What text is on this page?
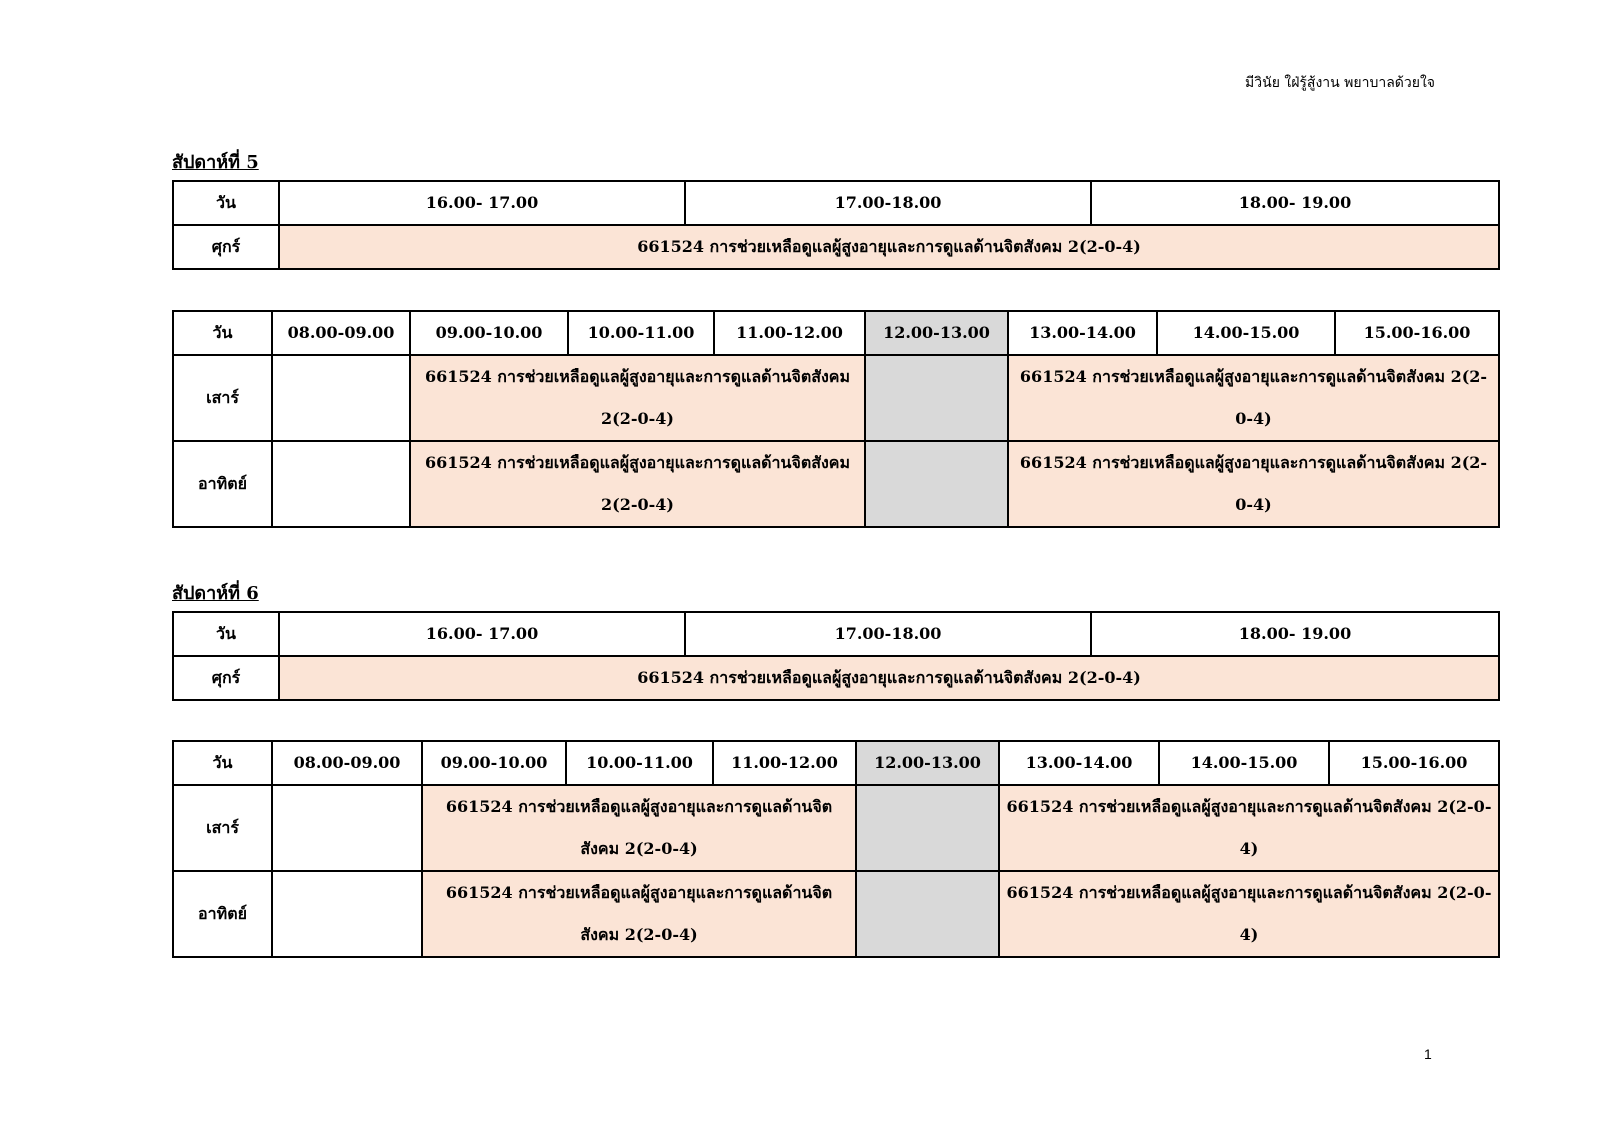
มีวินัย ใฝ่รู้สู้งาน พยาบาลด้วยใจ
สัปดาห์ที่ 5
วัน	16.00- 17.00	17.00-18.00	18.00- 19.00
ศุกร์	661524 การช่วยเหลือดูแลผู้สูงอายุและการดูแลด้านจิตสังคม 2(2-0-4)		
วัน	08.00-09.00	09.00-10.00	10.00-11.00	11.00-12.00	12.00-13.00	13.00-14.00	14.00-15.00	15.00-16.00
เสาร์		661524 การช่วยเหลือดูแลผู้สูงอายุและการดูแลด้านจิตสังคม 2(2-0-4)				661524 การช่วยเหลือดูแลผู้สูงอายุและการดูแลด้านจิตสังคม 2(2-0-4)		
อาทิตย์		661524 การช่วยเหลือดูแลผู้สูงอายุและการดูแลด้านจิตสังคม 2(2-0-4)				661524 การช่วยเหลือดูแลผู้สูงอายุและการดูแลด้านจิตสังคม 2(2-0-4)		
สัปดาห์ที่ 6
วัน	16.00- 17.00	17.00-18.00	18.00- 19.00
ศุกร์	661524 การช่วยเหลือดูแลผู้สูงอายุและการดูแลด้านจิตสังคม 2(2-0-4)		
วัน	08.00-09.00	09.00-10.00	10.00-11.00	11.00-12.00	12.00-13.00	13.00-14.00	14.00-15.00	15.00-16.00
เสาร์		661524 การช่วยเหลือดูแลผู้สูงอายุและการดูแลด้านจิตสังคม 2(2-0-4)				661524 การช่วยเหลือดูแลผู้สูงอายุและการดูแลด้านจิตสังคม 2(2-0-4)		
อาทิตย์		661524 การช่วยเหลือดูแลผู้สูงอายุและการดูแลด้านจิตสังคม 2(2-0-4)				661524 การช่วยเหลือดูแลผู้สูงอายุและการดูแลด้านจิตสังคม 2(2-0-4)		
1
